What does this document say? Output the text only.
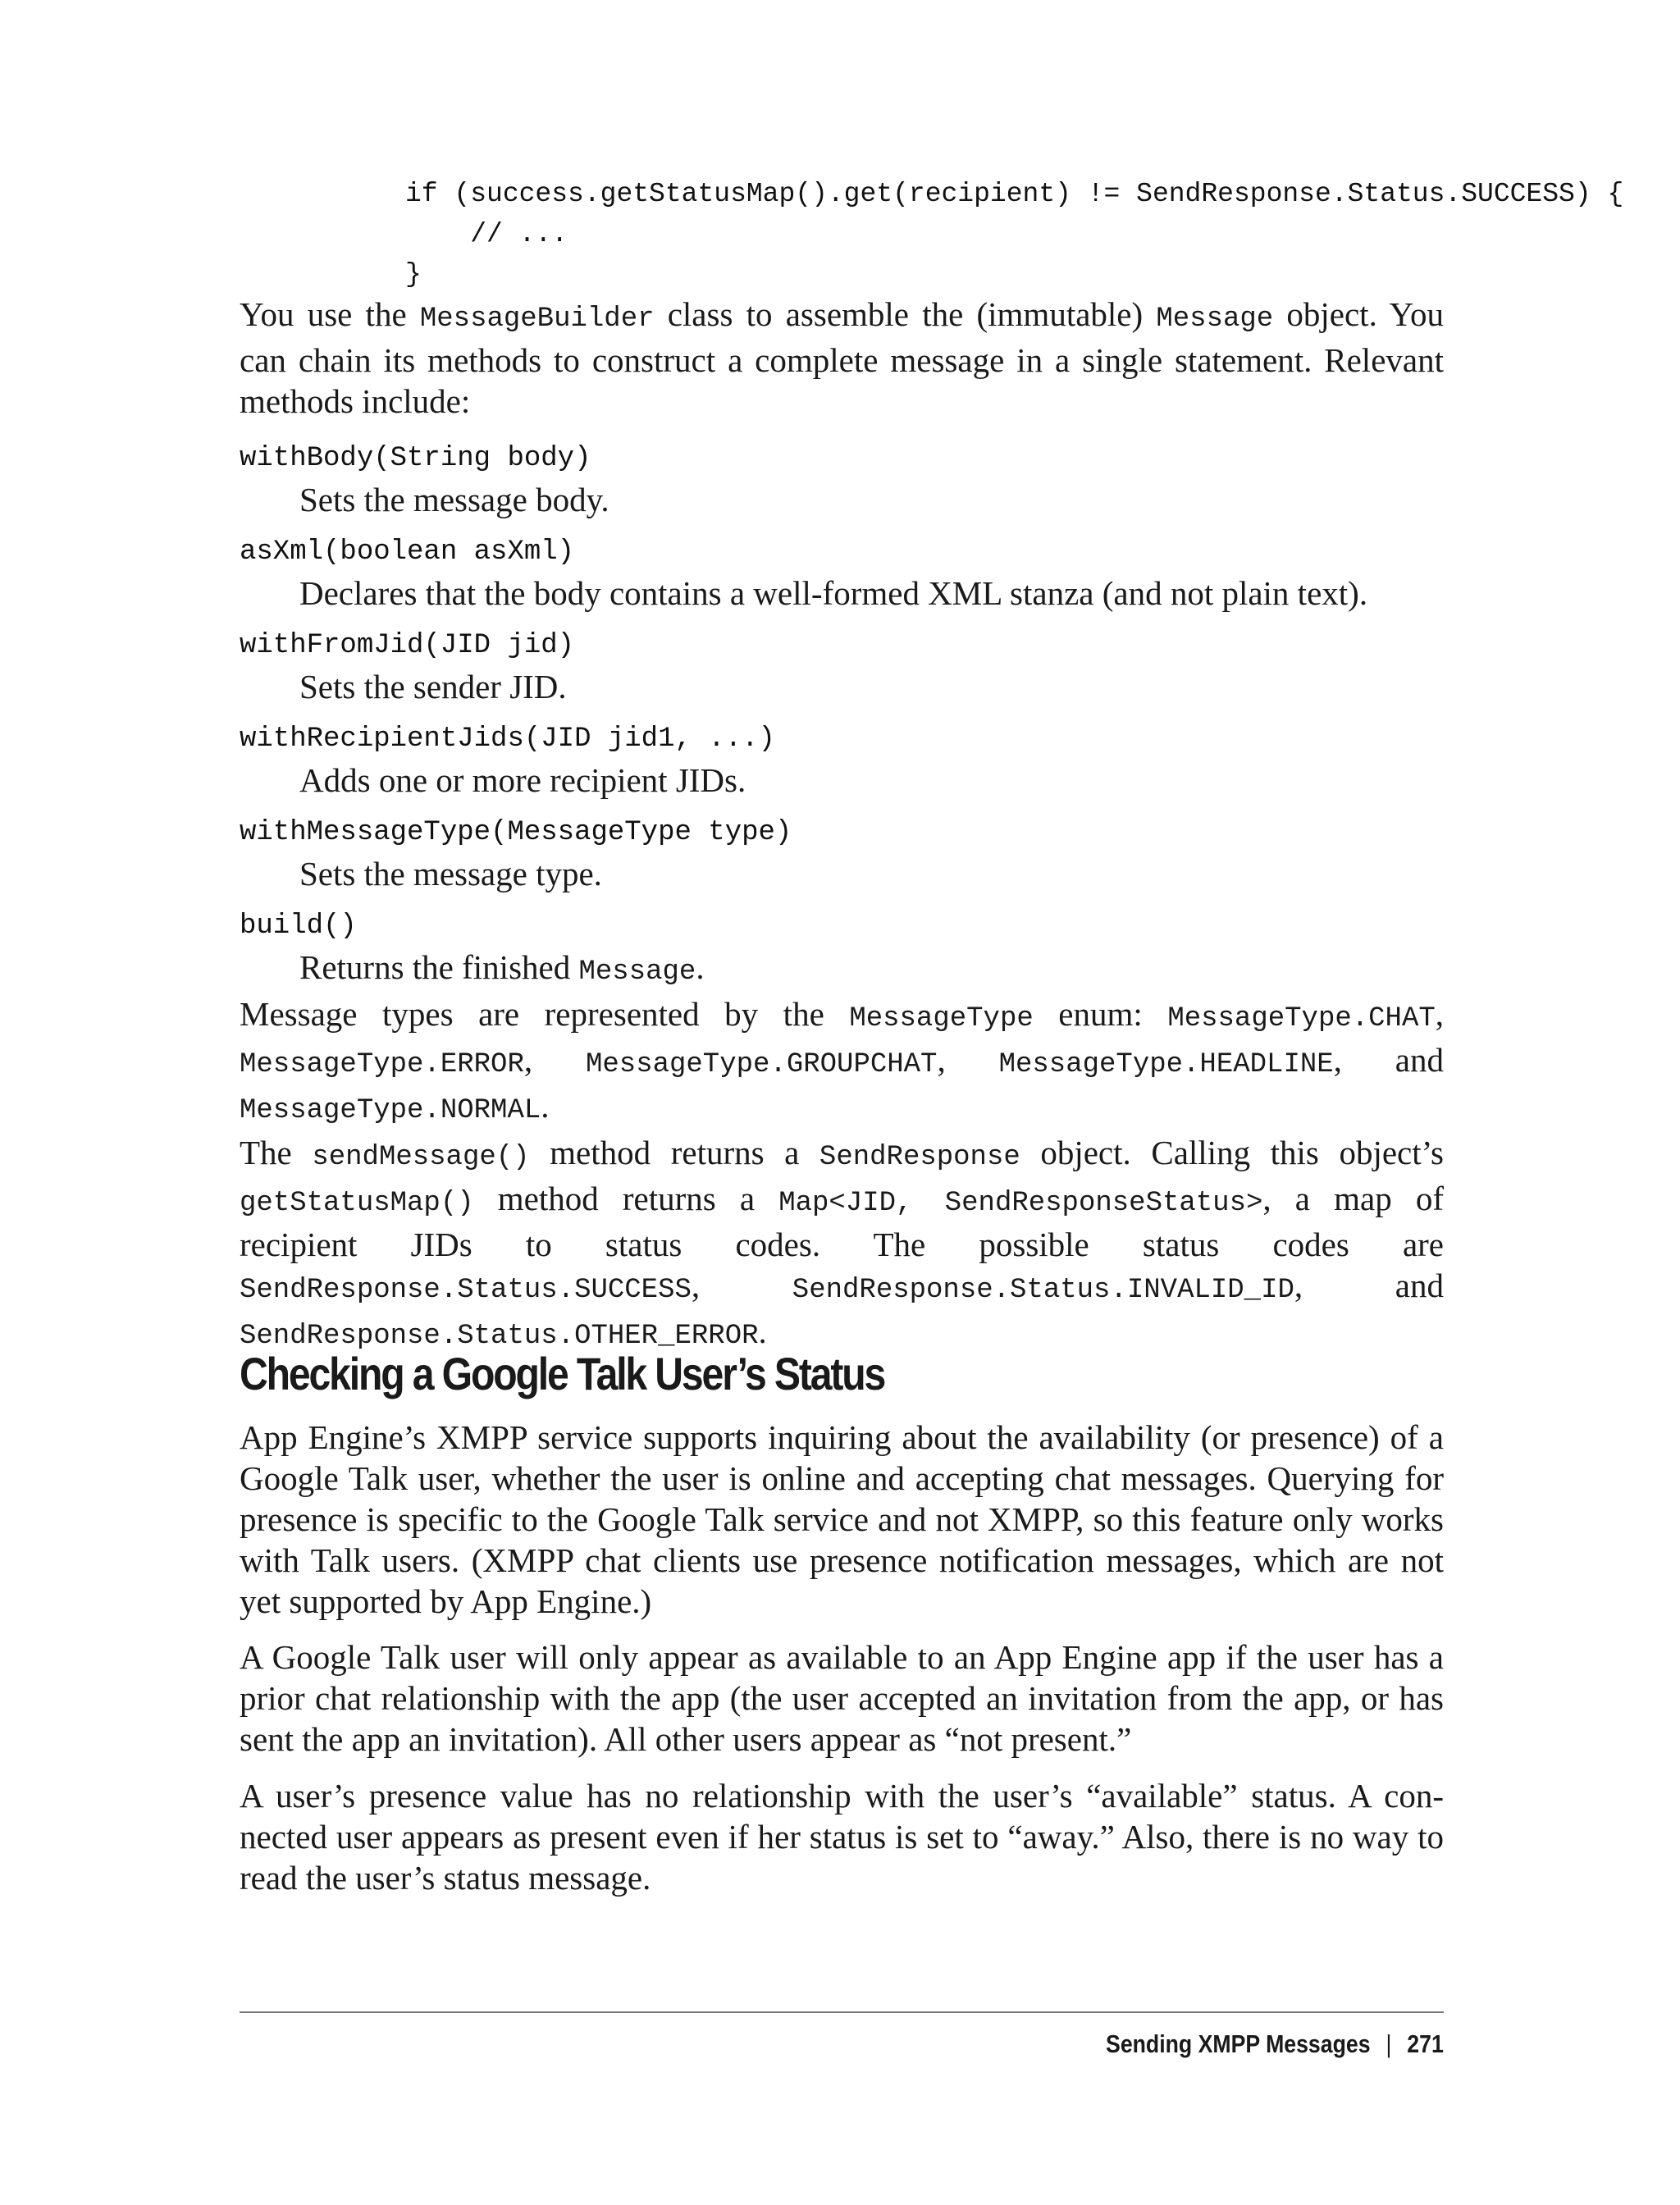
if (success.getStatusMap().get(recipient) != SendResponse.Status.SUCCESS) {
// ...
}

You use the MessageBuilder class to assemble the (immutable) Message object. You can chain its methods to construct a complete message in a single statement. Relevant methods include:

withBody(String body)
Sets the message body.
asXml(boolean asXml)
Declares that the body contains a well-formed XML stanza (and not plain text).
withFromJid(JID jid)
Sets the sender JID.
withRecipientJids(JID jid1, ...)
Adds one or more recipient JIDs.
withMessageType(MessageType type)
Sets the message type.
build()
Returns the finished Message.

Message types are represented by the MessageType enum: MessageType.CHAT, MessageType.ERROR, MessageType.GROUPCHAT, MessageType.HEADLINE, and MessageType.NORMAL.

The sendMessage() method returns a SendResponse object. Calling this object’s getStatusMap() method returns a Map<JID, SendResponseStatus>, a map of recipient JIDs to status codes. The possible status codes are SendResponse.Status.SUCCESS, SendResponse.Status.INVALID_ID, and SendResponse.Status.OTHER_ERROR.

Checking a Google Talk User’s Status

App Engine’s XMPP service supports inquiring about the availability (or presence) of a Google Talk user, whether the user is online and accepting chat messages. Querying for presence is specific to the Google Talk service and not XMPP, so this feature only works with Talk users. (XMPP chat clients use presence notification messages, which are not yet supported by App Engine.)

A Google Talk user will only appear as available to an App Engine app if the user has a prior chat relationship with the app (the user accepted an invitation from the app, or has sent the app an invitation). All other users appear as “not present.”

A user’s presence value has no relationship with the user’s “available” status. A connected user appears as present even if her status is set to “away.” Also, there is no way to read the user’s status message.

Sending XMPP Messages | 271
